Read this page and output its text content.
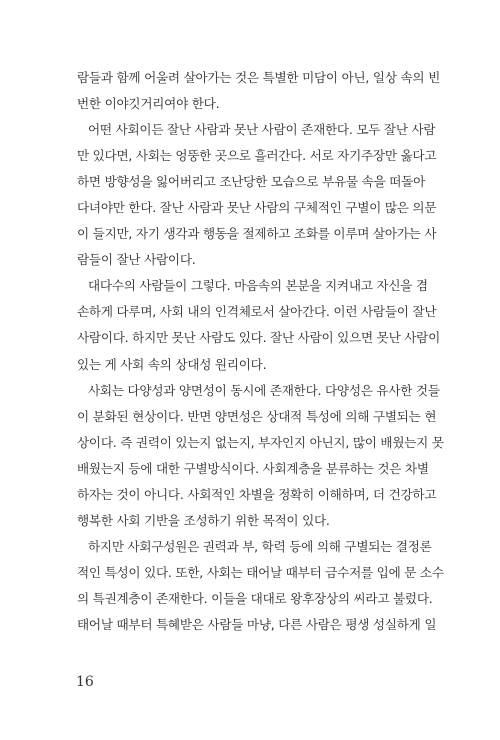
람들과 함께 어울려 살아가는 것은 특별한 미담이 아닌, 일상 속의 빈
번한 이야깃거리여야 한다.
어떤 사회이든 잘난 사람과 못난 사람이 존재한다. 모두 잘난 사람
만 있다면, 사회는 엉뚱한 곳으로 흘러간다. 서로 자기주장만 옳다고
하면 방향성을 잃어버리고 조난당한 모습으로 부유물 속을 떠돌아
다녀야만 한다. 잘난 사람과 못난 사람의 구체적인 구별이 많은 의문
이 들지만, 자기 생각과 행동을 절제하고 조화를 이루며 살아가는 사
람들이 잘난 사람이다.
대다수의 사람들이 그렇다. 마음속의 본분을 지켜내고 자신을 겸
손하게 다루며, 사회 내의 인격체로서 살아간다. 이런 사람들이 잘난
사람이다. 하지만 못난 사람도 있다. 잘난 사람이 있으면 못난 사람이
있는 게 사회 속의 상대성 원리이다.
사회는 다양성과 양면성이 동시에 존재한다. 다양성은 유사한 것들
이 분화된 현상이다. 반면 양면성은 상대적 특성에 의해 구별되는 현
상이다. 즉 권력이 있는지 없는지, 부자인지 아닌지, 많이 배웠는지 못
배웠는지 등에 대한 구별방식이다. 사회계층을 분류하는 것은 차별
하자는 것이 아니다. 사회적인 차별을 정확히 이해하며, 더 건강하고
행복한 사회 기반을 조성하기 위한 목적이 있다.
하지만 사회구성원은 권력과 부, 학력 등에 의해 구별되는 결정론
적인 특성이 있다. 또한, 사회는 태어날 때부터 금수저를 입에 문 소수
의 특권계층이 존재한다. 이들을 대대로 왕후장상의 씨라고 불렀다.
태어날 때부터 특혜받은 사람들 마냥, 다른 사람은 평생 성실하게 일
16
